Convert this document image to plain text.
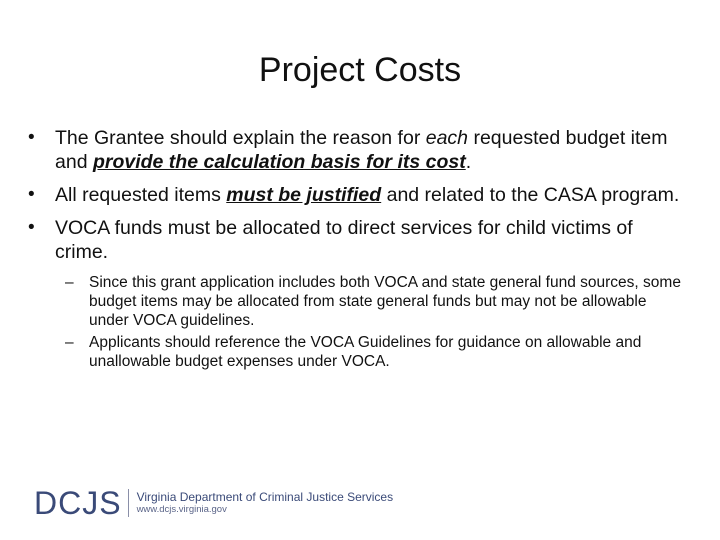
Project Costs
• The Grantee should explain the reason for each requested budget item and provide the calculation basis for its cost.
• All requested items must be justified and related to the CASA program.
• VOCA funds must be allocated to direct services for child victims of crime.
– Since this grant application includes both VOCA and state general fund sources, some budget items may be allocated from state general funds but may not be allowable under VOCA guidelines.
– Applicants should reference the VOCA Guidelines for guidance on allowable and unallowable budget expenses under VOCA.
DCJS Virginia Department of Criminal Justice Services
www.dcjs.virginia.gov
